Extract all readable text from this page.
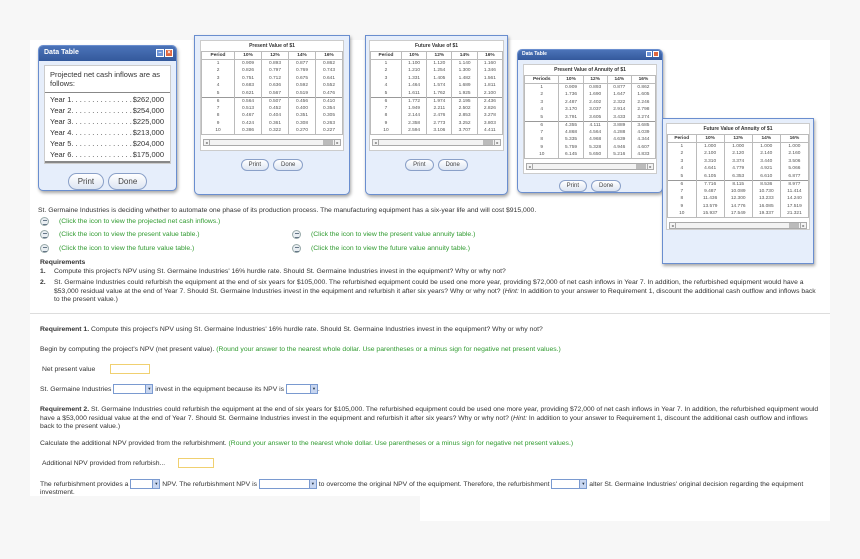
Data Table	– ×
Projected net cash inflows are as follows:
Year 1. . . . . . . . . . . . . . . $262,000
Year 2. . . . . . . . . . . . . . . $254,000
Year 3. . . . . . . . . . . . . . . $225,000
Year 4. . . . . . . . . . . . . . . $213,000
Year 5. . . . . . . . . . . . . . . $204,000
Year 6. . . . . . . . . . . . . . . $175,000
Print	Done
Present Value of $1
Period	10%	12%	14%	16%
1	0.909	0.893	0.877	0.862
2	0.826	0.797	0.769	0.743
3	0.751	0.712	0.675	0.641
4	0.683	0.636	0.592	0.552
5	0.621	0.567	0.519	0.476
6	0.564	0.507	0.456	0.410
7	0.513	0.452	0.400	0.354
8	0.467	0.404	0.351	0.305
9	0.424	0.361	0.308	0.263
10	0.386	0.322	0.270	0.227
◂	▸
Print	Done
Future Value of $1
Period	10%	12%	14%	16%
1	1.100	1.120	1.140	1.160
2	1.210	1.254	1.300	1.346
3	1.331	1.405	1.482	1.561
4	1.464	1.574	1.689	1.811
5	1.611	1.762	1.925	2.100
6	1.772	1.974	2.195	2.436
7	1.949	2.211	2.502	2.826
8	2.144	2.476	2.853	3.278
9	2.358	2.773	3.252	3.803
10	2.594	3.106	3.707	4.411
◂	▸
Print	Done
Data Table
Present Value of Annuity of $1
Periods	10%	12%	14%	16%
1	0.909	0.893	0.877	0.862
2	1.736	1.690	1.647	1.605
3	2.487	2.402	2.322	2.246
4	3.170	3.037	2.914	2.798
5	3.791	3.605	3.433	3.274
6	4.355	4.111	3.889	3.685
7	4.868	4.564	4.288	4.039
8	5.335	4.968	4.639	4.344
9	5.759	5.328	4.946	4.607
10	6.145	5.650	5.216	4.833
◂	▸
Print	Done
Future Value of Annuity of $1
Period	10%	12%	14%	16%
1	1.000	1.000	1.000	1.000
2	2.100	2.120	2.140	2.160
3	3.310	3.374	3.440	3.506
4	4.641	4.779	4.921	5.066
5	6.105	6.353	6.610	6.877
6	7.716	8.115	8.536	8.977
7	9.487	10.089	10.730	11.414
8	11.436	12.300	13.233	14.240
9	13.579	14.776	16.085	17.519
10	15.937	17.549	19.337	21.321
◂	▸
St. Germaine Industries is deciding whether to automate one phase of its production process. The manufacturing equipment has a six-year life and will cost $915,000.
(Click the icon to view the projected net cash inflows.)
(Click the icon to view the present value table.)	(Click the icon to view the present value annuity table.)
(Click the icon to view the future value table.)	(Click the icon to view the future value annuity table.)
Requirements
1. Compute this project's NPV using St. Germaine Industries' 16% hurdle rate. Should St. Germaine Industries invest in the equipment? Why or why not?
2.	St. Germaine Industries could refurbish the equipment at the end of six years for $105,000. The refurbished equipment could be used one more year, providing $72,000 of net cash inflows in Year 7. In addition, the refurbished equipment would have a $53,000 residual value at the end of Year 7. Should St. Germaine Industries invest in the equipment and refurbish it after six years? Why or why not? (Hint: In addition to your answer to Requirement 1, discount the additional cash outflow and inflows back to the present value.)
Requirement 1. Compute this project's NPV using St. Germaine Industries' 16% hurdle rate. Should St. Germaine Industries invest in the equipment? Why or why not?
Begin by computing the project's NPV (net present value). (Round your answer to the nearest whole dollar. Use parentheses or a minus sign for negative net present values.)
Net present value
St. Germaine Industries	▼ invest in the equipment because its NPV is	▼ .
Requirement 2. St. Germaine Industries could refurbish the equipment at the end of six years for $105,000. The refurbished equipment could be used one more year, providing $72,000 of net cash inflows in Year 7. In addition, the refurbished equipment would have a $53,000 residual value at the end of Year 7. Should St. Germaine Industries invest in the equipment and refurbish it after six years? Why or why not? (Hint: In addition to your answer to Requirement 1, discount the additional cash outflow and inflows back to the present value.)
Calculate the additional NPV provided from the refurbishment. (Round your answer to the nearest whole dollar. Use parentheses or a minus sign for negative net present values.)
Additional NPV provided from refurbish...
The refurbishment provides a	▼ NPV. The refurbishment NPV is	▼ to overcome the original NPV of the equipment. Therefore, the refurbishment	▼ alter St. Germaine Industries' original decision regarding the equipment investment.
